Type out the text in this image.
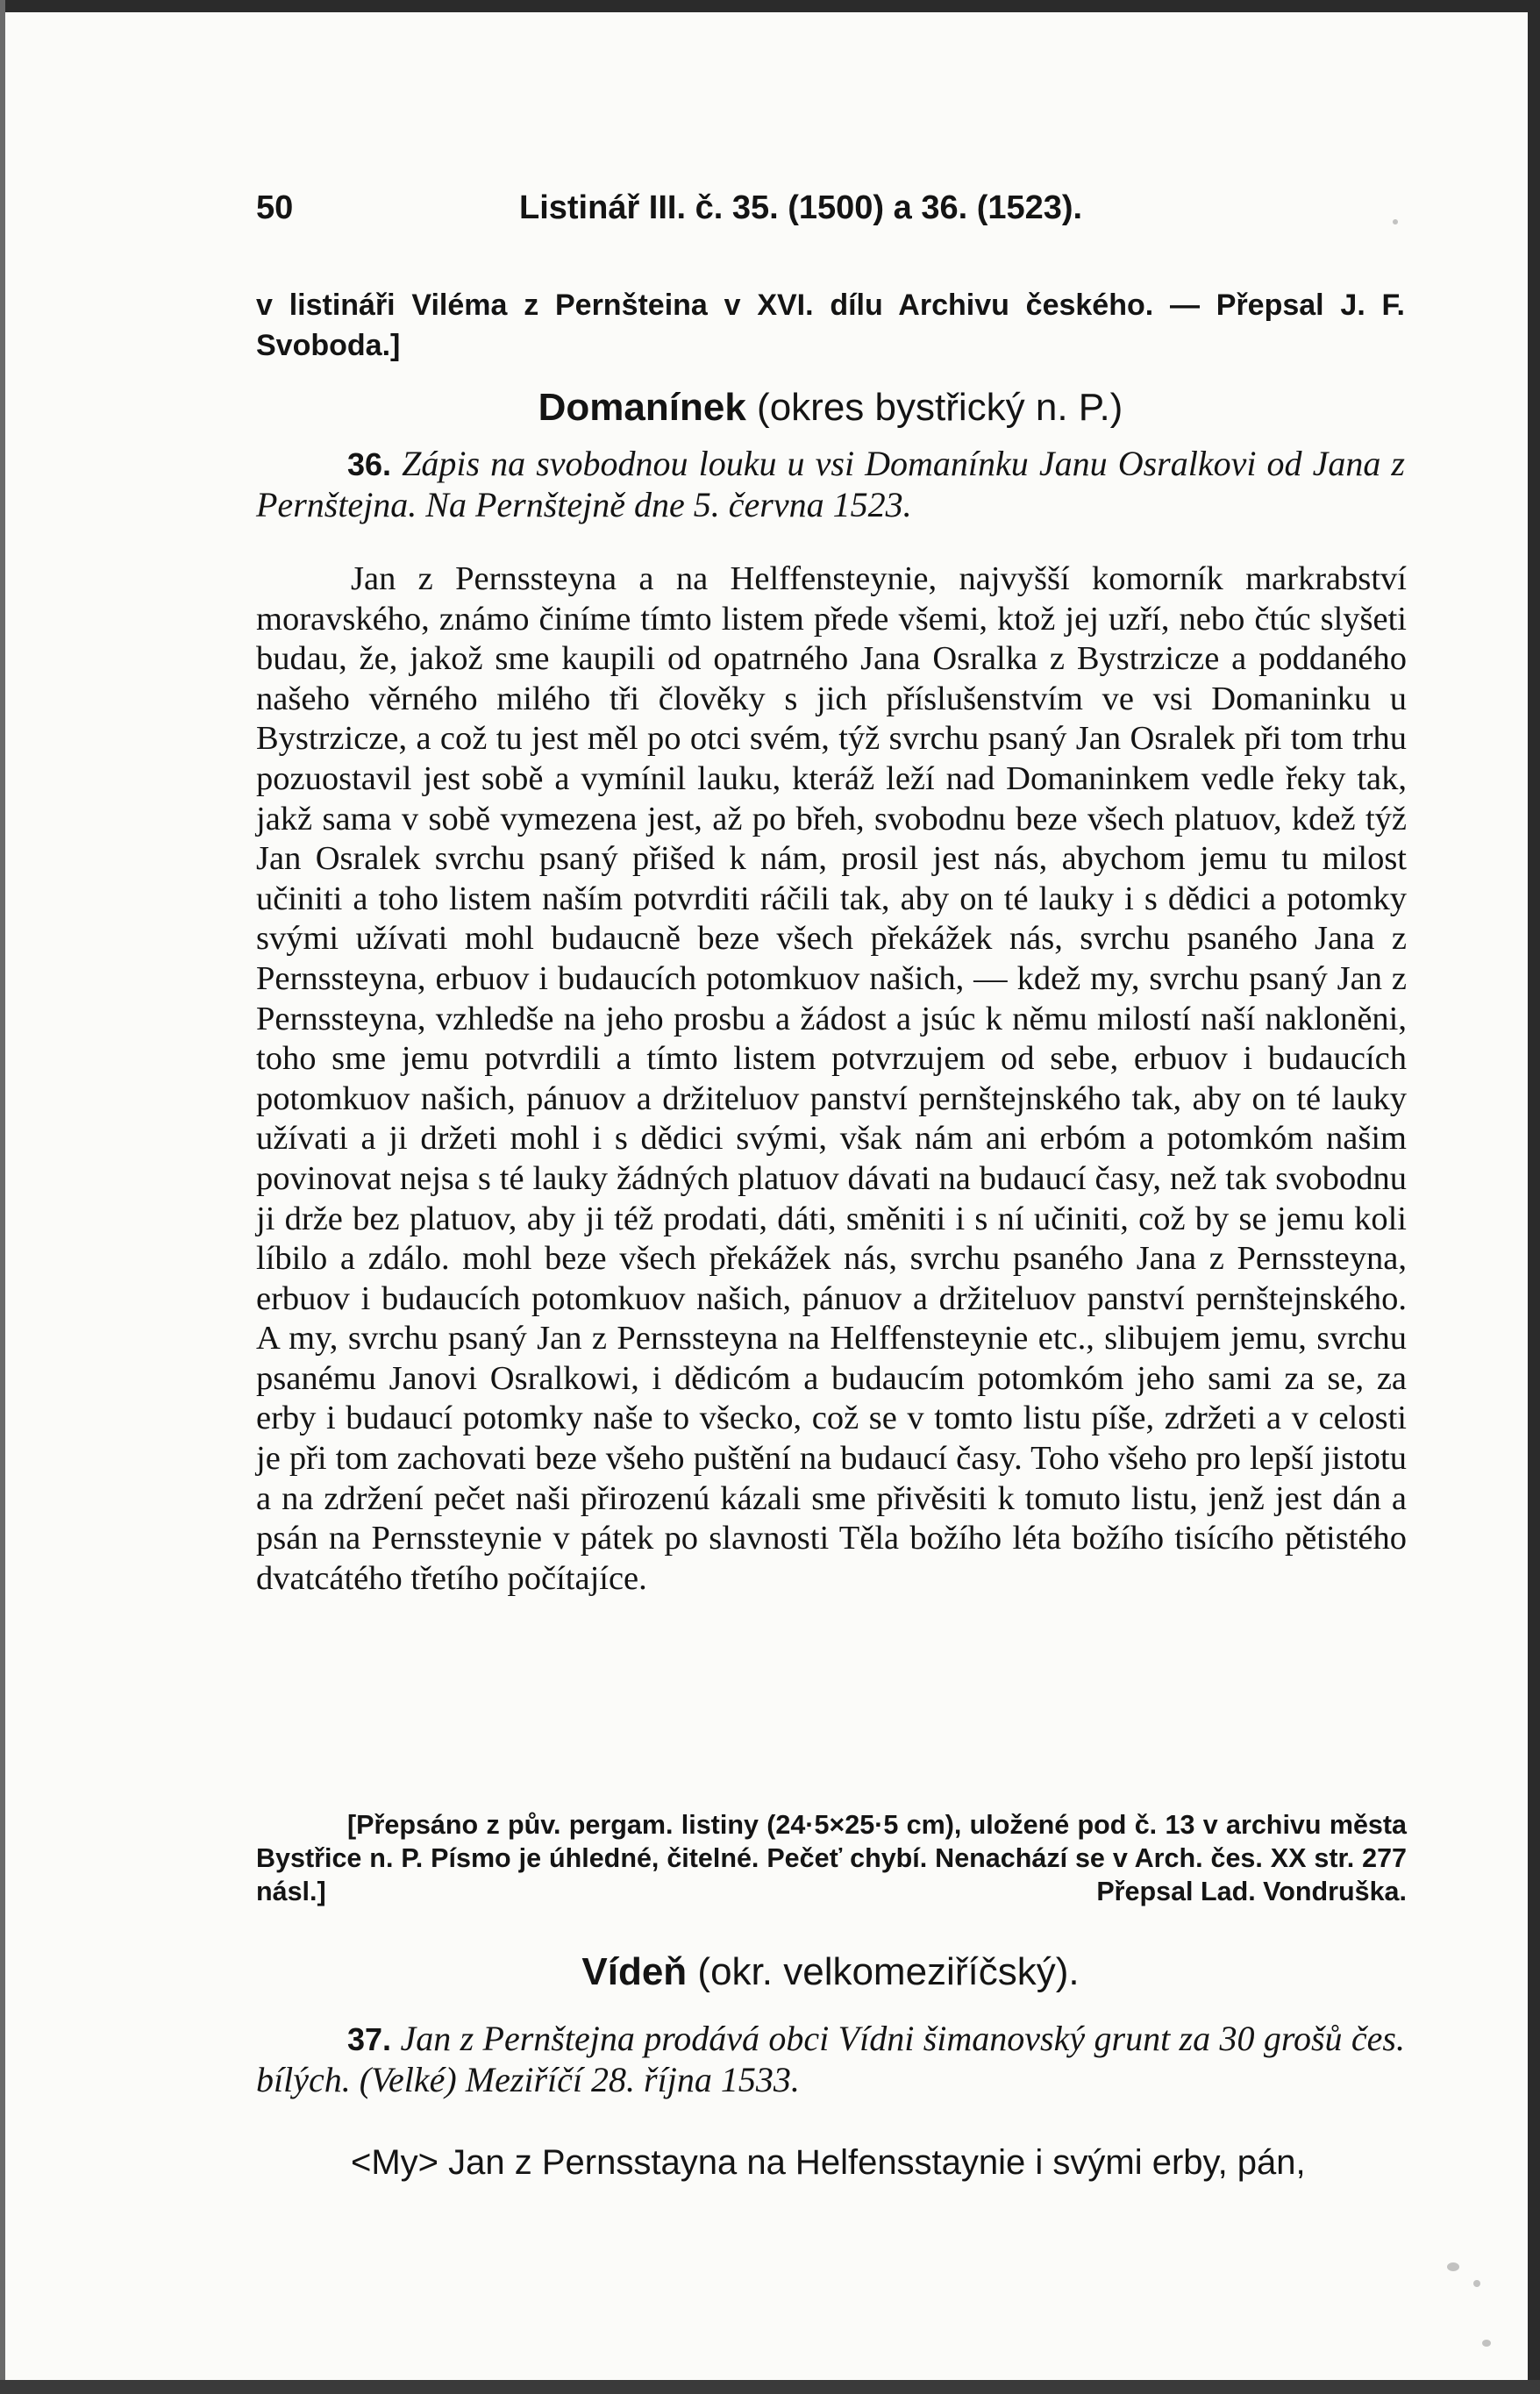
50	Listinář III. č. 35. (1500) a 36. (1523).
v listináři Viléma z Pernšteina v XVI. dílu Archivu českého. — Přepsal J. F. Svoboda.]
Domanínek (okres bystřický n. P.)
36. Zápis na svobodnou louku u vsi Domanínku Janu Osralkovi od Jana z Pernštejna. Na Pernštejně dne 5. června 1523.
Jan z Pernssteyna a na Helffensteynie, najvyšší komorník markrabství moravského, známo činíme tímto listem přede všemi, ktož jej uzří, nebo čtúc slyšeti budau, že, jakož sme kaupili od opatrného Jana Osralka z Bystrzicze a poddaného našeho věrného milého tři člověky s jich příslušenstvím ve vsi Domaninku u Bystrzicze, a což tu jest měl po otci svém, týž svrchu psaný Jan Osralek při tom trhu pozuostavil jest sobě a vymínil lauku, kteráž leží nad Domaninkem vedle řeky tak, jakž sama v sobě vymezena jest, až po břeh, svobodnu beze všech platuov, kdež týž Jan Osralek svrchu psaný přišed k nám, prosil jest nás, abychom jemu tu milost učiniti a toho listem naším potvrditi ráčili tak, aby on té lauky i s dědici a potomky svými užívati mohl budaucně beze všech překážek nás, svrchu psaného Jana z Pernssteyna, erbuov i budaucích potomkuov našich, — kdež my, svrchu psaný Jan z Pernssteyna, vzhledše na jeho prosbu a žádost a jsúc k němu milostí naší nakloněni, toho sme jemu potvrdili a tímto listem potvrzujem od sebe, erbuov i budaucích potomkuov našich, pánuov a držiteluov panství pernštejnského tak, aby on té lauky užívati a ji držeti mohl i s dědici svými, však nám ani erbóm a potomkóm našim povinovat nejsa s té lauky žádných platuov dávati na budaucí časy, než tak svobodnu ji drže bez platuov, aby ji též prodati, dáti, směniti i s ní učiniti, což by se jemu koli líbilo a zdálo. mohl beze všech překážek nás, svrchu psaného Jana z Pernssteyna, erbuov i budaucích potomkuov našich, pánuov a držiteluov panství pernštejnského. A my, svrchu psaný Jan z Pernssteyna na Helffensteynie etc., slibujem jemu, svrchu psanému Janovi Osralkowi, i dědicóm a budaucím potomkóm jeho sami za se, za erby i budaucí potomky naše to všecko, což se v tomto listu píše, zdržeti a v celosti je při tom zachovati beze všeho puštění na budaucí časy. Toho všeho pro lepší jistotu a na zdržení pečet naši přirozenú kázali sme přivěsiti k tomuto listu, jenž jest dán a psán na Pernssteynie v pátek po slavnosti Těla božího léta božího tisícího pětistého dvatcátého třetího počítajíce.
[Přepsáno z pův. pergam. listiny (24·5×25·5 cm), uložené pod č. 13 v archivu města Bystřice n. P. Písmo je úhledné, čitelné. Pečeť chybí. Nenachází se v Arch. čes. XX str. 277 násl.]	Přepsal Lad. Vondruška.
Vídeň (okr. velkomeziříčský).
37. Jan z Pernštejna prodává obci Vídni šimanovský grunt za 30 grošů čes. bílých. (Velké) Meziříčí 28. října 1533.
<My> Jan z Pernsstayna na Helfensstaynie i svými erby, pán,
